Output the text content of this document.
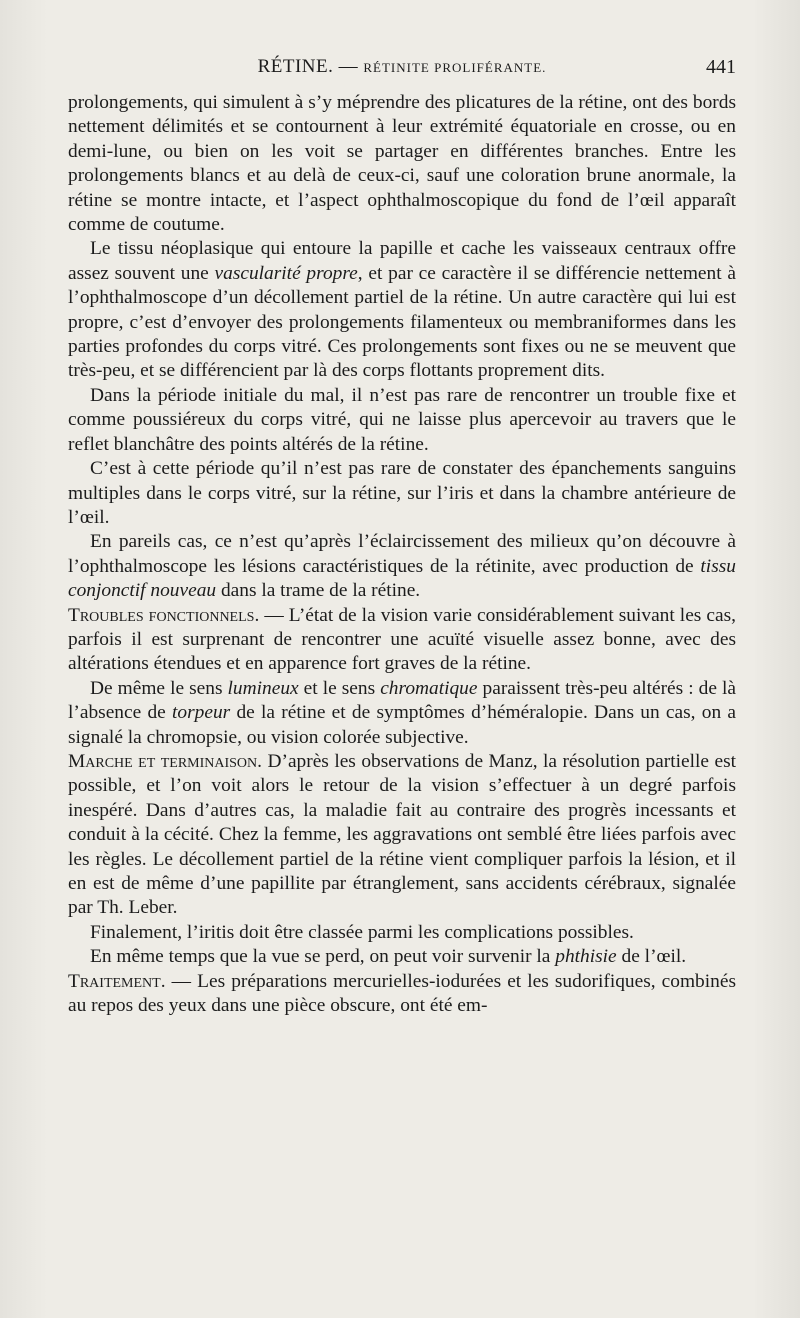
RÉTINE. — RÉTINITE PROLIFÉRANTE.	441

prolongements, qui simulent à s’y méprendre des plicatures de la rétine, ont des bords nettement délimités et se contournent à leur extrémité équatoriale en crosse, ou en demi-lune, ou bien on les voit se partager en différentes branches. Entre les prolongements blancs et au delà de ceux-ci, sauf une coloration brune anormale, la rétine se montre intacte, et l’aspect ophthalmoscopique du fond de l’œil apparaît comme de coutume.

Le tissu néoplasique qui entoure la papille et cache les vaisseaux centraux offre assez souvent une vascularité propre, et par ce caractère il se différencie nettement à l’ophthalmoscope d’un décollement partiel de la rétine. Un autre caractère qui lui est propre, c’est d’envoyer des prolongements filamenteux ou membraniformes dans les parties profondes du corps vitré. Ces prolongements sont fixes ou ne se meuvent que très-peu, et se différencient par là des corps flottants proprement dits.

Dans la période initiale du mal, il n’est pas rare de rencontrer un trouble fixe et comme poussiéreux du corps vitré, qui ne laisse plus apercevoir au travers que le reflet blanchâtre des points altérés de la rétine.

C’est à cette période qu’il n’est pas rare de constater des épanchements sanguins multiples dans le corps vitré, sur la rétine, sur l’iris et dans la chambre antérieure de l’œil.

En pareils cas, ce n’est qu’après l’éclaircissement des milieux qu’on découvre à l’ophthalmoscope les lésions caractéristiques de la rétinite, avec production de tissu conjonctif nouveau dans la trame de la rétine.

Troubles fonctionnels. — L’état de la vision varie considérablement suivant les cas, parfois il est surprenant de rencontrer une acuïté visuelle assez bonne, avec des altérations étendues et en apparence fort graves de la rétine.

De même le sens lumineux et le sens chromatique paraissent très-peu altérés : de là l’absence de torpeur de la rétine et de symptômes d’héméralopie. Dans un cas, on a signalé la chromopsie, ou vision colorée subjective.

Marche et terminaison. D’après les observations de Manz, la résolution partielle est possible, et l’on voit alors le retour de la vision s’effectuer à un degré parfois inespéré. Dans d’autres cas, la maladie fait au contraire des progrès incessants et conduit à la cécité. Chez la femme, les aggravations ont semblé être liées parfois avec les règles. Le décollement partiel de la rétine vient compliquer parfois la lésion, et il en est de même d’une papillite par étranglement, sans accidents cérébraux, signalée par Th. Leber.

Finalement, l’iritis doit être classée parmi les complications possibles.

En même temps que la vue se perd, on peut voir survenir la phthisie de l’œil.

Traitement. — Les préparations mercurielles-iodurées et les sudorifiques, combinés au repos des yeux dans une pièce obscure, ont été em-
